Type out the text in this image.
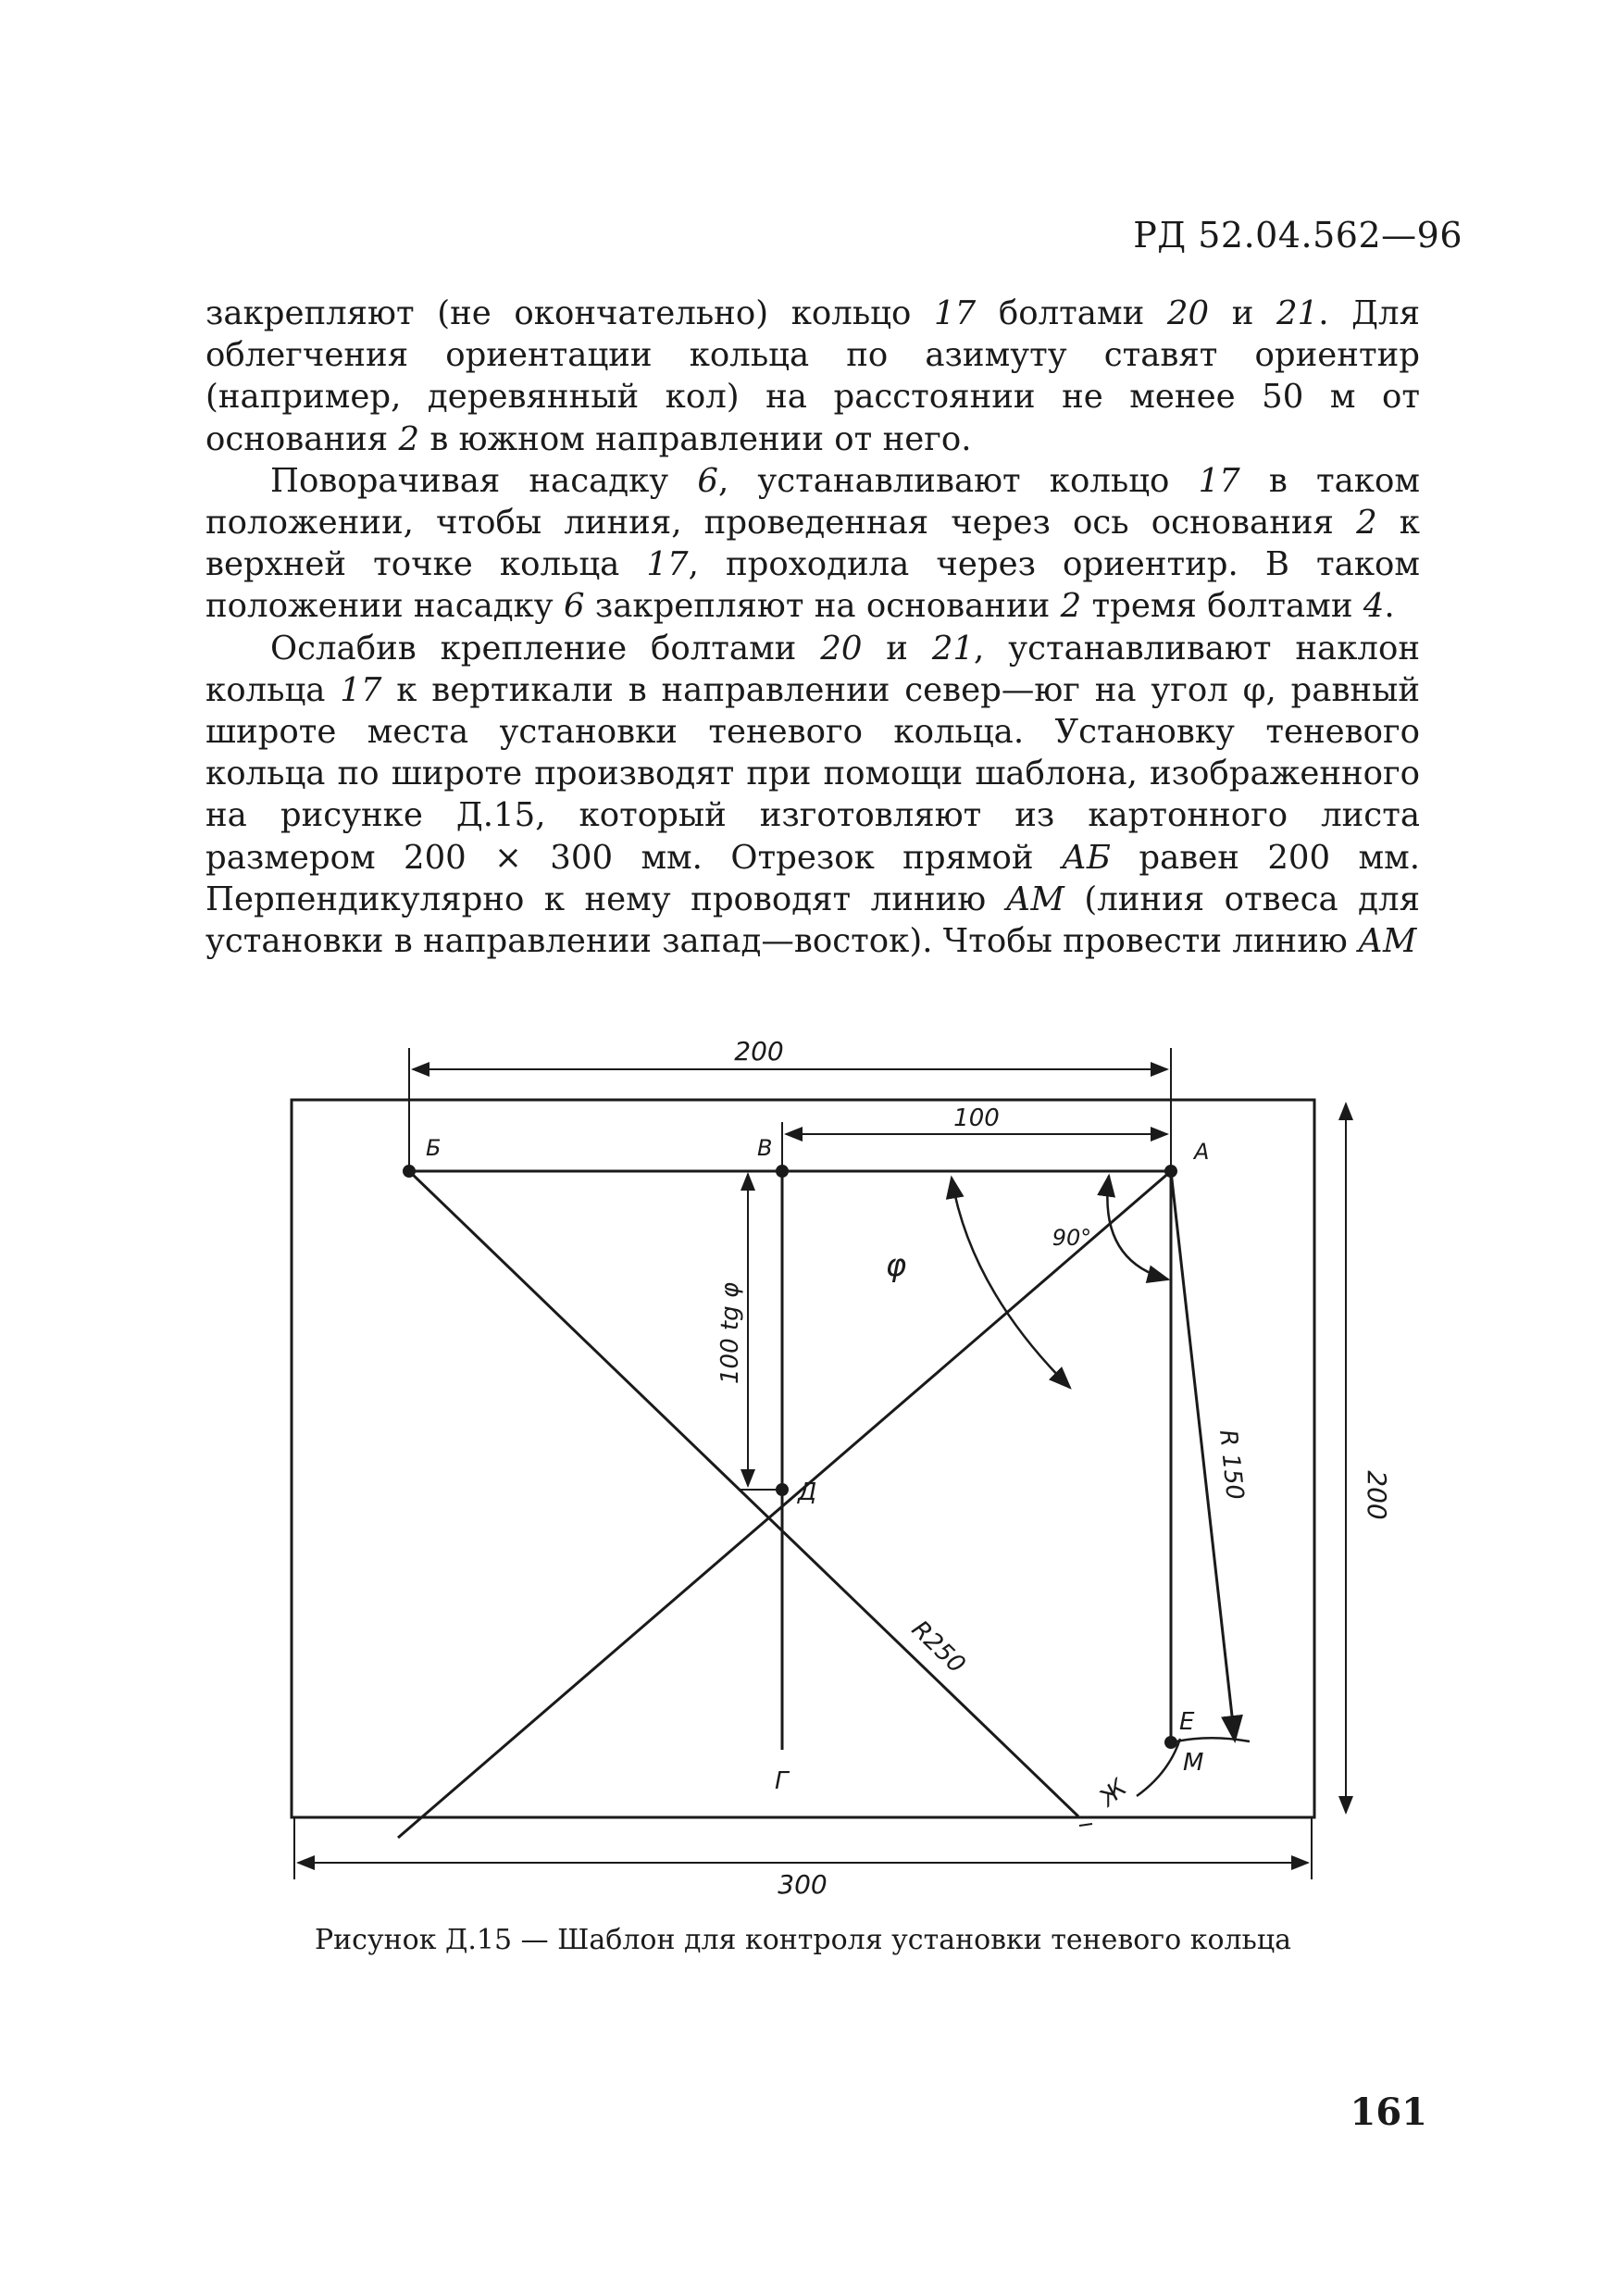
РД 52.04.562—96

закрепляют (не окончательно) кольцо 17 болтами 20 и 21. Для облегчения ориентации кольца по азимуту ставят ориентир (например, деревянный кол) на расстоянии не менее 50 м от основания 2 в южном направлении от него.

Поворачивая насадку 6, устанавливают кольцо 17 в таком положении, чтобы линия, проведенная через ось основания 2 к верхней точке кольца 17, проходила через ориентир. В таком положении насадку 6 закрепляют на основании 2 тремя болтами 4.

Ослабив крепление болтами 20 и 21, устанавливают наклон кольца 17 к вертикали в направлении север—юг на угол φ, равный широте места установки теневого кольца. Установку теневого кольца по широте производят при помощи шаблона, изображенного на рисунке Д.15, который изготовляют из картонного листа размером 200 × 300 мм. Отрезок прямой АБ равен 200 мм. Перпендикулярно к нему проводят линию АМ (линия отвеса для установки в направлении запад—восток). Чтобы провести линию АМ

200
100
200
300
100 tg φ
R 150
R250
φ
90°
Б	В	А
Д
Г
Е
М
Ж
Рисунок Д.15 — Шаблон для контроля установки теневого кольца
161
